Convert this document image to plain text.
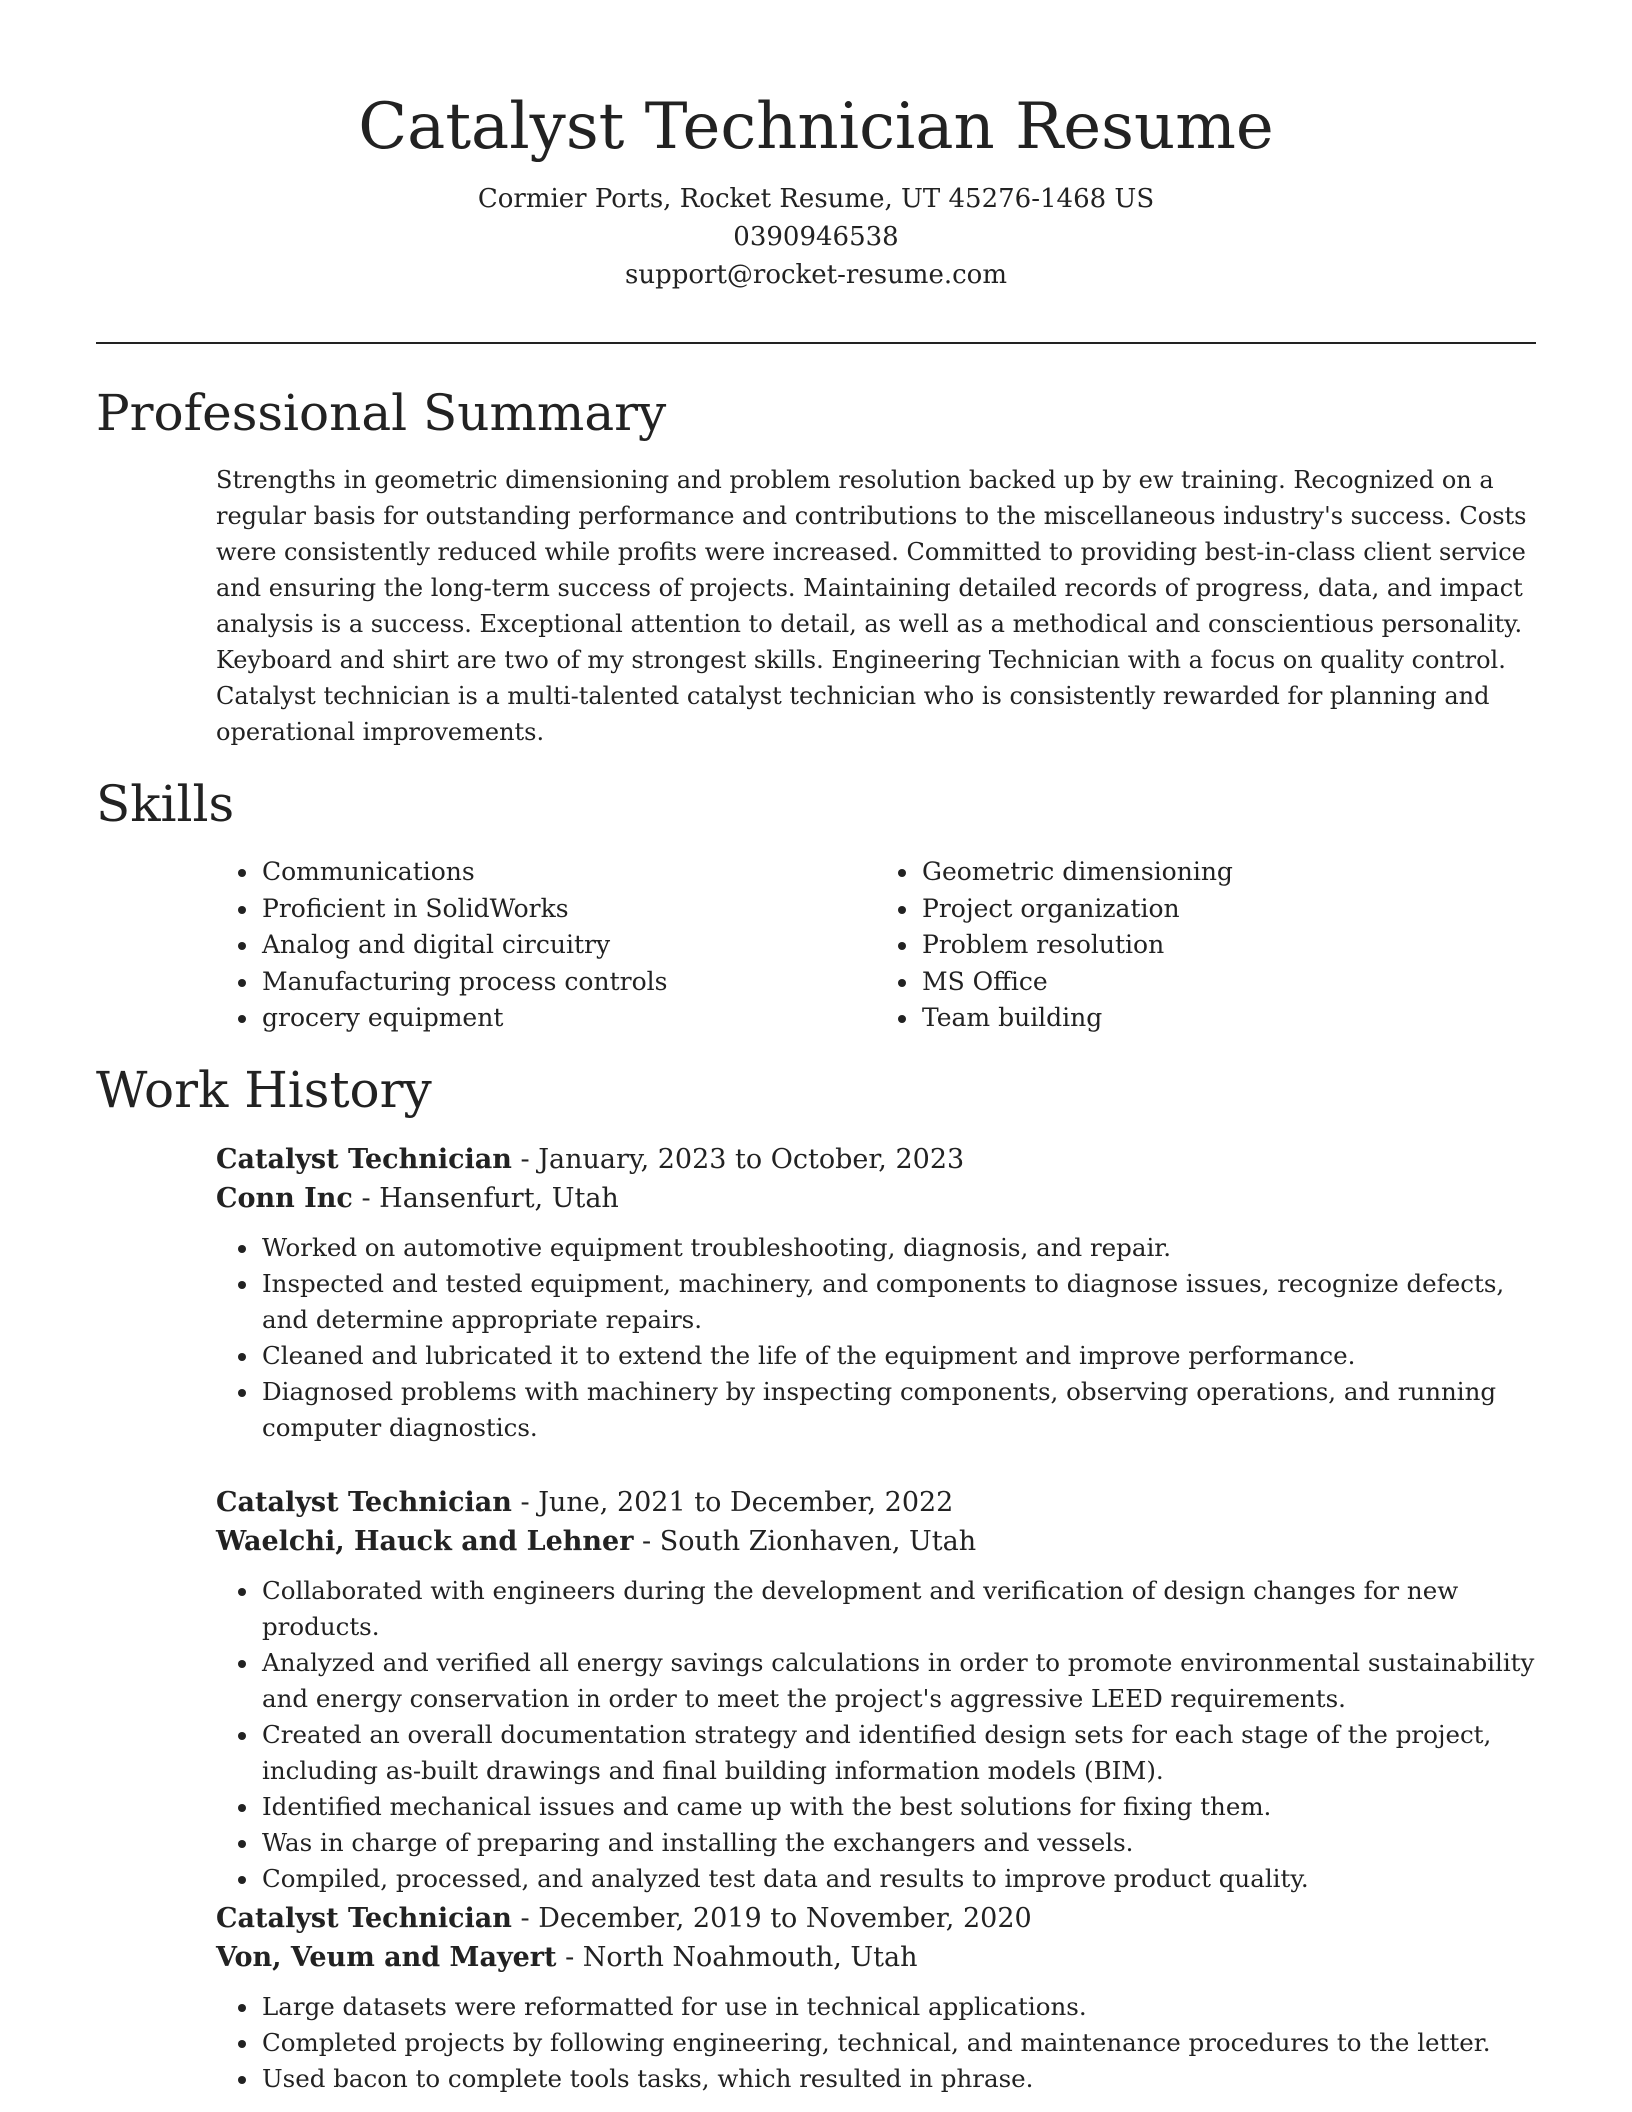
Catalyst Technician Resume
Cormier Ports, Rocket Resume, UT 45276-1468 US
0390946538
support@rocket-resume.com
Professional Summary

Strengths in geometric dimensioning and problem resolution backed up by ew training. Recognized on a regular basis for outstanding performance and contributions to the miscellaneous industry's success. Costs were consistently reduced while profits were increased. Committed to providing best-in-class client service and ensuring the long-term success of projects. Maintaining detailed records of progress, data, and impact analysis is a success. Exceptional attention to detail, as well as a methodical and conscientious personality. Keyboard and shirt are two of my strongest skills. Engineering Technician with a focus on quality control. Catalyst technician is a multi-talented catalyst technician who is consistently rewarded for planning and operational improvements.

Skills
• Communications
• Proficient in SolidWorks
• Analog and digital circuitry
• Manufacturing process controls
• grocery equipment
• Geometric dimensioning
• Project organization
• Problem resolution
• MS Office
• Team building
Work History

Catalyst Technician - January, 2023 to October, 2023

Conn Inc - Hansenfurt, Utah

• Worked on automotive equipment troubleshooting, diagnosis, and repair.
• Inspected and tested equipment, machinery, and components to diagnose issues, recognize defects, and determine appropriate repairs.
• Cleaned and lubricated it to extend the life of the equipment and improve performance.
• Diagnosed problems with machinery by inspecting components, observing operations, and running computer diagnostics.

Catalyst Technician - June, 2021 to December, 2022

Waelchi, Hauck and Lehner - South Zionhaven, Utah

• Collaborated with engineers during the development and verification of design changes for new products.
• Analyzed and verified all energy savings calculations in order to promote environmental sustainability and energy conservation in order to meet the project's aggressive LEED requirements.
• Created an overall documentation strategy and identified design sets for each stage of the project, including as-built drawings and final building information models (BIM).
• Identified mechanical issues and came up with the best solutions for fixing them.
• Was in charge of preparing and installing the exchangers and vessels.
• Compiled, processed, and analyzed test data and results to improve product quality.

Catalyst Technician - December, 2019 to November, 2020

Von, Veum and Mayert - North Noahmouth, Utah

• Large datasets were reformatted for use in technical applications.
• Completed projects by following engineering, technical, and maintenance procedures to the letter.
• Used bacon to complete tools tasks, which resulted in phrase.
